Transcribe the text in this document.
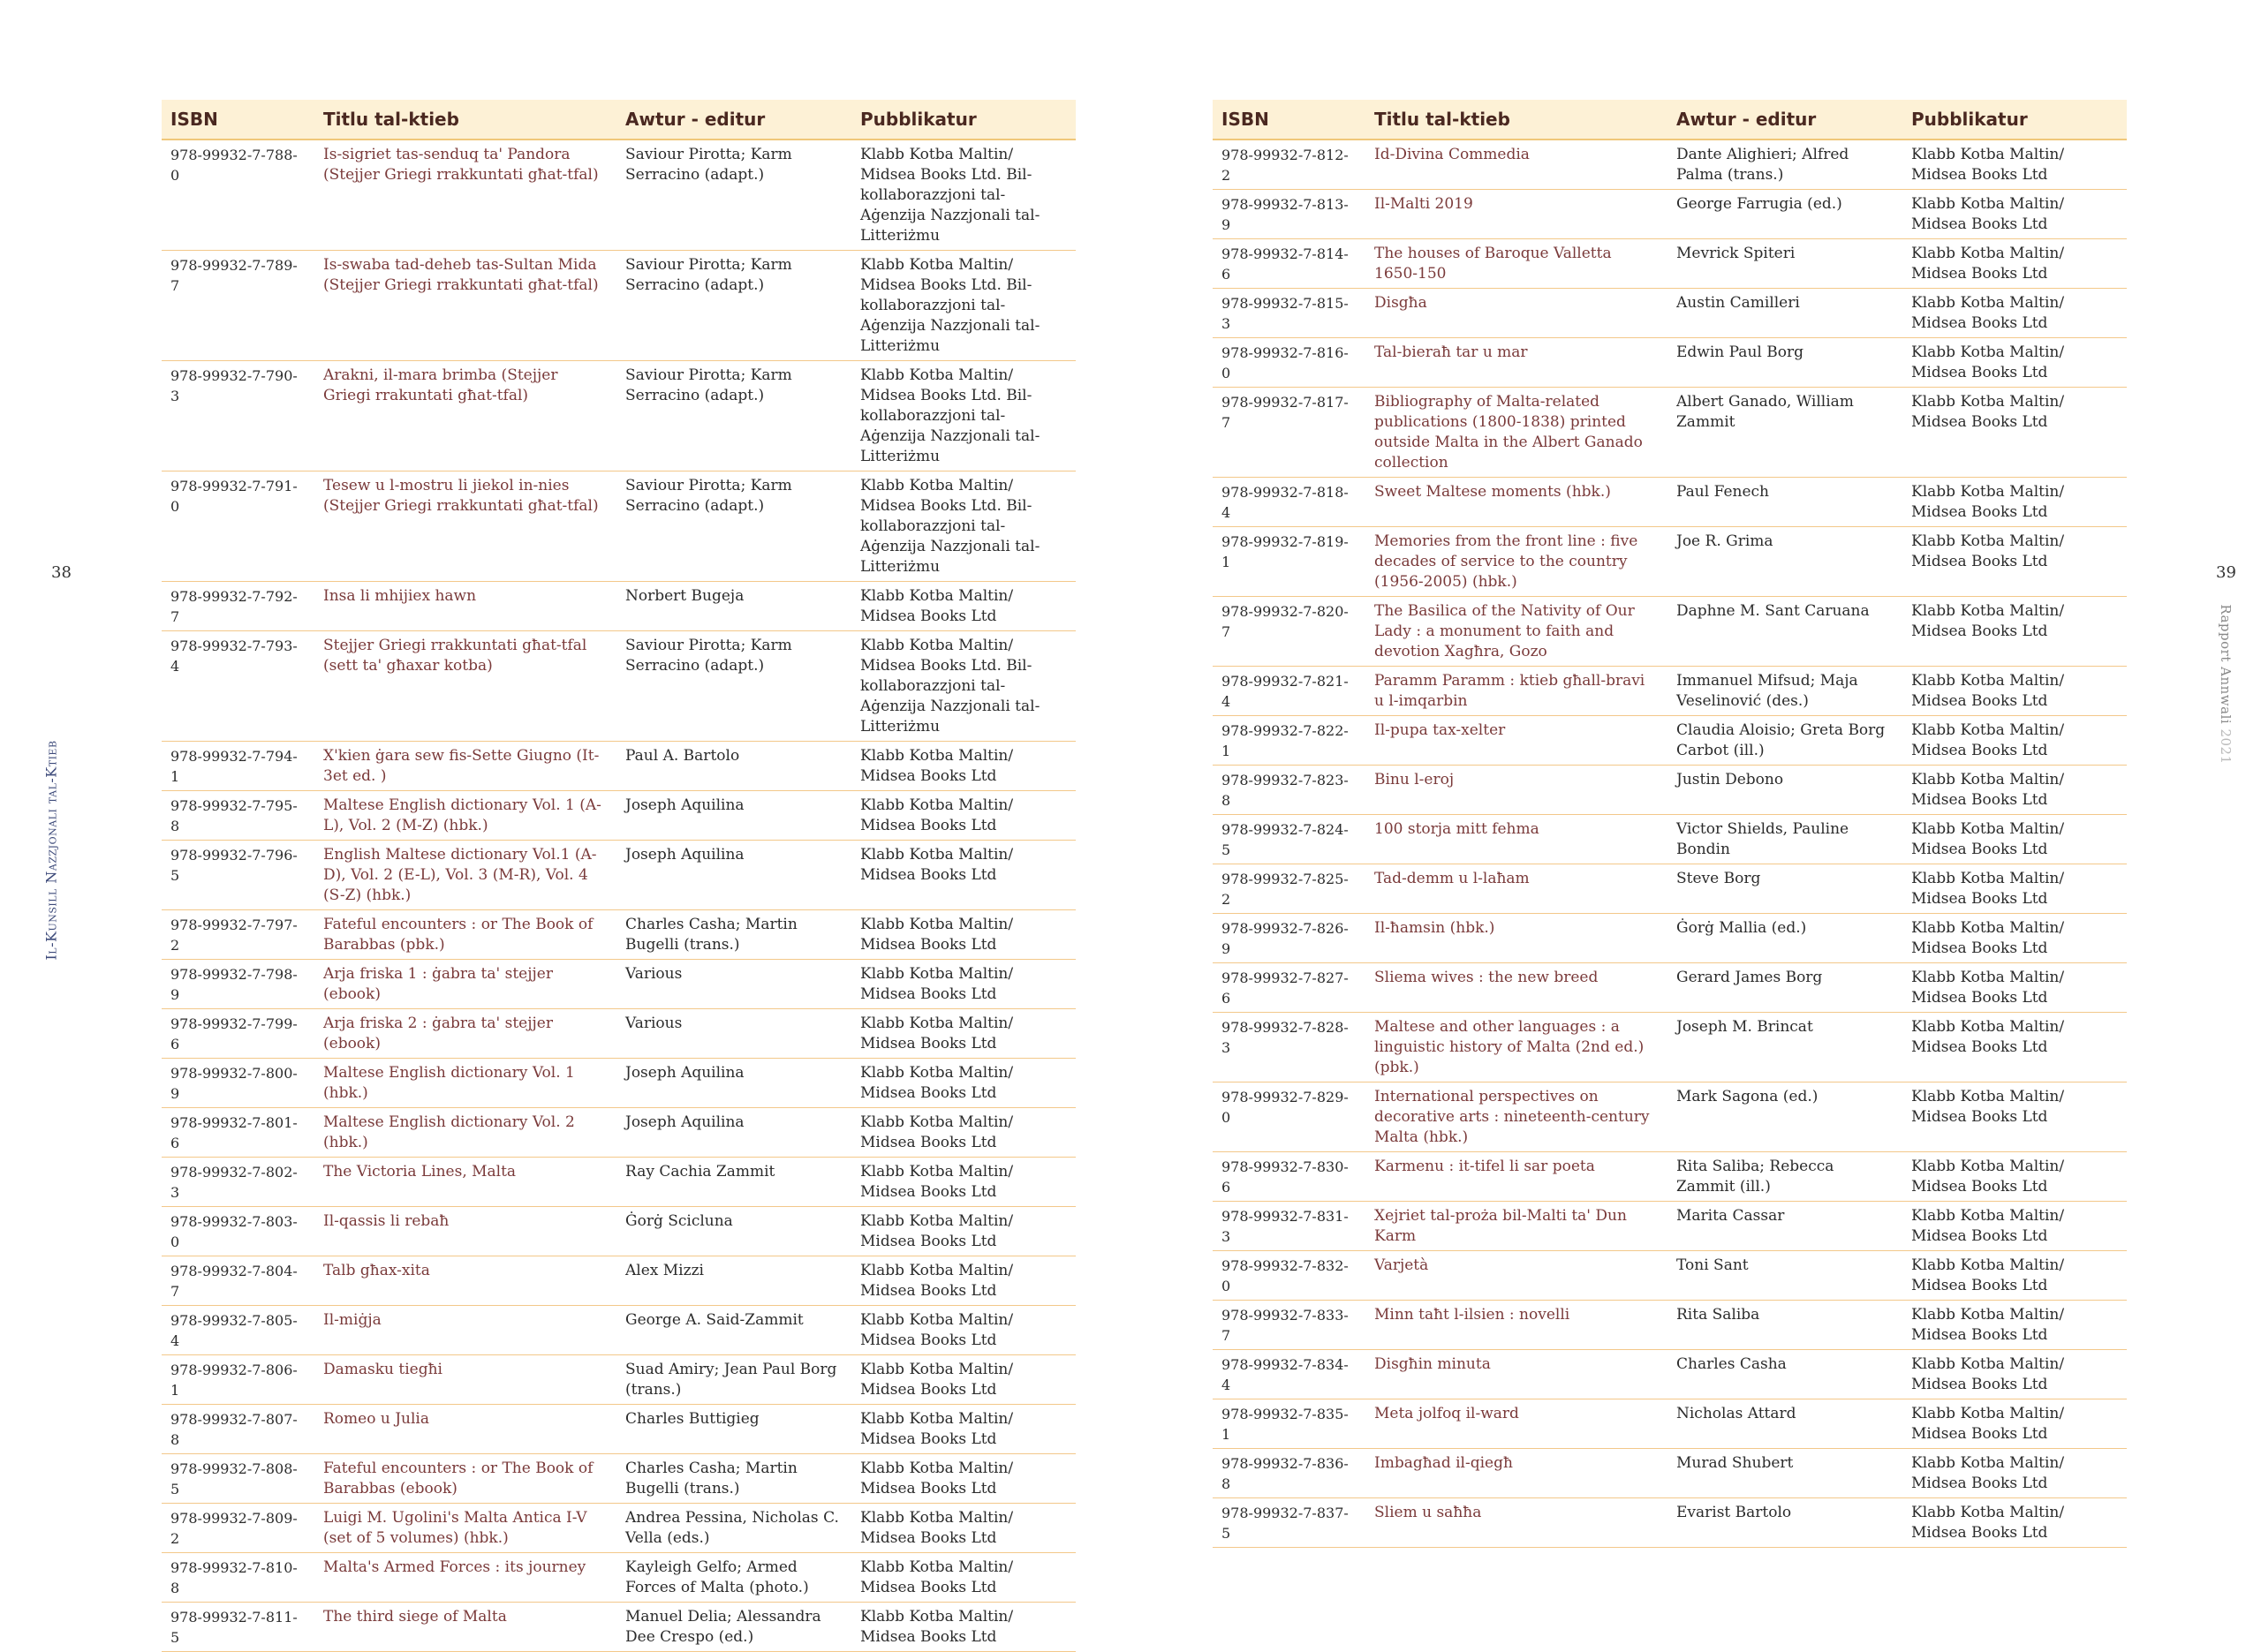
38
Il-Kunsill Nazzjonali tal-Ktieb
39
Rapport Annwali 2021
ISBN	Titlu tal-ktieb	Awtur - editur	Pubblikatur
978-99932-7-788-0	Is-sigriet tas-senduq ta' Pandora (Stejjer Griegi rrakkuntati għat-tfal)	Saviour Pirotta; Karm Serracino (adapt.)	Klabb Kotba Maltin/ Midsea Books Ltd. Bil-kollaborazzjoni tal-Aġenzija Nazzjonali tal-Litteriżmu
978-99932-7-789-7	Is-swaba tad-deheb tas-Sultan Mida (Stejjer Griegi rrakkuntati għat-tfal)	Saviour Pirotta; Karm Serracino (adapt.)	Klabb Kotba Maltin/ Midsea Books Ltd. Bil-kollaborazzjoni tal-Aġenzija Nazzjonali tal-Litteriżmu
978-99932-7-790-3	Arakni, il-mara brimba (Stejjer Griegi rrakuntati għat-tfal)	Saviour Pirotta; Karm Serracino (adapt.)	Klabb Kotba Maltin/ Midsea Books Ltd. Bil-kollaborazzjoni tal-Aġenzija Nazzjonali tal-Litteriżmu
978-99932-7-791-0	Tesew u l-mostru li jiekol in-nies (Stejjer Griegi rrakkuntati għat-tfal)	Saviour Pirotta; Karm Serracino (adapt.)	Klabb Kotba Maltin/ Midsea Books Ltd. Bil-kollaborazzjoni tal-Aġenzija Nazzjonali tal-Litteriżmu
978-99932-7-792-7	Insa li mhijiex hawn	Norbert Bugeja	Klabb Kotba Maltin/ Midsea Books Ltd
978-99932-7-793-4	Stejjer Griegi rrakkuntati għat-tfal (sett ta' għaxar kotba)	Saviour Pirotta; Karm Serracino (adapt.)	Klabb Kotba Maltin/ Midsea Books Ltd. Bil-kollaborazzjoni tal-Aġenzija Nazzjonali tal-Litteriżmu
978-99932-7-794-1	X'kien ġara sew fis-Sette Giugno (It-3et ed. )	Paul A. Bartolo	Klabb Kotba Maltin/ Midsea Books Ltd
978-99932-7-795-8	Maltese English dictionary Vol. 1 (A-L), Vol. 2 (M-Z) (hbk.)	Joseph Aquilina	Klabb Kotba Maltin/ Midsea Books Ltd
978-99932-7-796-5	English Maltese dictionary Vol.1 (A-D), Vol. 2 (E-L), Vol. 3 (M-R), Vol. 4 (S-Z) (hbk.)	Joseph Aquilina	Klabb Kotba Maltin/ Midsea Books Ltd
978-99932-7-797-2	Fateful encounters : or The Book of Barabbas (pbk.)	Charles Casha; Martin Bugelli (trans.)	Klabb Kotba Maltin/ Midsea Books Ltd
978-99932-7-798-9	Arja friska 1 : ġabra ta' stejjer (ebook)	Various	Klabb Kotba Maltin/ Midsea Books Ltd
978-99932-7-799-6	Arja friska 2 : ġabra ta' stejjer (ebook)	Various	Klabb Kotba Maltin/ Midsea Books Ltd
978-99932-7-800-9	Maltese English dictionary Vol. 1 (hbk.)	Joseph Aquilina	Klabb Kotba Maltin/ Midsea Books Ltd
978-99932-7-801-6	Maltese English dictionary Vol. 2 (hbk.)	Joseph Aquilina	Klabb Kotba Maltin/ Midsea Books Ltd
978-99932-7-802-3	The Victoria Lines, Malta	Ray Cachia Zammit	Klabb Kotba Maltin/ Midsea Books Ltd
978-99932-7-803-0	Il-qassis li rebaħ	Ġorġ Scicluna	Klabb Kotba Maltin/ Midsea Books Ltd
978-99932-7-804-7	Talb għax-xita	Alex Mizzi	Klabb Kotba Maltin/ Midsea Books Ltd
978-99932-7-805-4	Il-miġja	George A. Said-Zammit	Klabb Kotba Maltin/ Midsea Books Ltd
978-99932-7-806-1	Damasku tiegħi	Suad Amiry; Jean Paul Borg (trans.)	Klabb Kotba Maltin/ Midsea Books Ltd
978-99932-7-807-8	Romeo u Julia	Charles Buttigieg	Klabb Kotba Maltin/ Midsea Books Ltd
978-99932-7-808-5	Fateful encounters : or The Book of Barabbas (ebook)	Charles Casha; Martin Bugelli (trans.)	Klabb Kotba Maltin/ Midsea Books Ltd
978-99932-7-809-2	Luigi M. Ugolini's Malta Antica I-V (set of 5 volumes) (hbk.)	Andrea Pessina, Nicholas C. Vella (eds.)	Klabb Kotba Maltin/ Midsea Books Ltd
978-99932-7-810-8	Malta's Armed Forces : its journey	Kayleigh Gelfo; Armed Forces of Malta (photo.)	Klabb Kotba Maltin/ Midsea Books Ltd
978-99932-7-811-5	The third siege of Malta	Manuel Delia; Alessandra Dee Crespo (ed.)	Klabb Kotba Maltin/ Midsea Books Ltd
ISBN	Titlu tal-ktieb	Awtur - editur	Pubblikatur
978-99932-7-812-2	Id-Divina Commedia	Dante Alighieri; Alfred Palma (trans.)	Klabb Kotba Maltin/ Midsea Books Ltd
978-99932-7-813-9	Il-Malti 2019	George Farrugia (ed.)	Klabb Kotba Maltin/ Midsea Books Ltd
978-99932-7-814-6	The houses of Baroque Valletta 1650-150	Mevrick Spiteri	Klabb Kotba Maltin/ Midsea Books Ltd
978-99932-7-815-3	Disgħa	Austin Camilleri	Klabb Kotba Maltin/ Midsea Books Ltd
978-99932-7-816-0	Tal-bieraħ tar u mar	Edwin Paul Borg	Klabb Kotba Maltin/ Midsea Books Ltd
978-99932-7-817-7	Bibliography of Malta-related publications (1800-1838) printed outside Malta in the Albert Ganado collection	Albert Ganado, William Zammit	Klabb Kotba Maltin/ Midsea Books Ltd
978-99932-7-818-4	Sweet Maltese moments (hbk.)	Paul Fenech	Klabb Kotba Maltin/ Midsea Books Ltd
978-99932-7-819-1	Memories from the front line : five decades of service to the country (1956-2005) (hbk.)	Joe R. Grima	Klabb Kotba Maltin/ Midsea Books Ltd
978-99932-7-820-7	The Basilica of the Nativity of Our Lady : a monument to faith and devotion Xagħra, Gozo	Daphne M. Sant Caruana	Klabb Kotba Maltin/ Midsea Books Ltd
978-99932-7-821-4	Paramm Paramm : ktieb għall-bravi u l-imqarbin	Immanuel Mifsud; Maja Veselinović (des.)	Klabb Kotba Maltin/ Midsea Books Ltd
978-99932-7-822-1	Il-pupa tax-xelter	Claudia Aloisio; Greta Borg Carbot (ill.)	Klabb Kotba Maltin/ Midsea Books Ltd
978-99932-7-823-8	Binu l-eroj	Justin Debono	Klabb Kotba Maltin/ Midsea Books Ltd
978-99932-7-824-5	100 storja mitt fehma	Victor Shields, Pauline Bondin	Klabb Kotba Maltin/ Midsea Books Ltd
978-99932-7-825-2	Tad-demm u l-laħam	Steve Borg	Klabb Kotba Maltin/ Midsea Books Ltd
978-99932-7-826-9	Il-ħamsin (hbk.)	Ġorġ Mallia (ed.)	Klabb Kotba Maltin/ Midsea Books Ltd
978-99932-7-827-6	Sliema wives : the new breed	Gerard James Borg	Klabb Kotba Maltin/ Midsea Books Ltd
978-99932-7-828-3	Maltese and other languages : a linguistic history of Malta (2nd ed.) (pbk.)	Joseph M. Brincat	Klabb Kotba Maltin/ Midsea Books Ltd
978-99932-7-829-0	International perspectives on decorative arts : nineteenth-century Malta (hbk.)	Mark Sagona (ed.)	Klabb Kotba Maltin/ Midsea Books Ltd
978-99932-7-830-6	Karmenu : it-tifel li sar poeta	Rita Saliba; Rebecca Zammit (ill.)	Klabb Kotba Maltin/ Midsea Books Ltd
978-99932-7-831-3	Xejriet tal-proża bil-Malti ta' Dun Karm	Marita Cassar	Klabb Kotba Maltin/ Midsea Books Ltd
978-99932-7-832-0	Varjetà	Toni Sant	Klabb Kotba Maltin/ Midsea Books Ltd
978-99932-7-833-7	Minn taħt l-ilsien : novelli	Rita Saliba	Klabb Kotba Maltin/ Midsea Books Ltd
978-99932-7-834-4	Disgħin minuta	Charles Casha	Klabb Kotba Maltin/ Midsea Books Ltd
978-99932-7-835-1	Meta jolfoq il-ward	Nicholas Attard	Klabb Kotba Maltin/ Midsea Books Ltd
978-99932-7-836-8	Imbagħad il-qiegħ	Murad Shubert	Klabb Kotba Maltin/ Midsea Books Ltd
978-99932-7-837-5	Sliem u saħħa	Evarist Bartolo	Klabb Kotba Maltin/ Midsea Books Ltd
